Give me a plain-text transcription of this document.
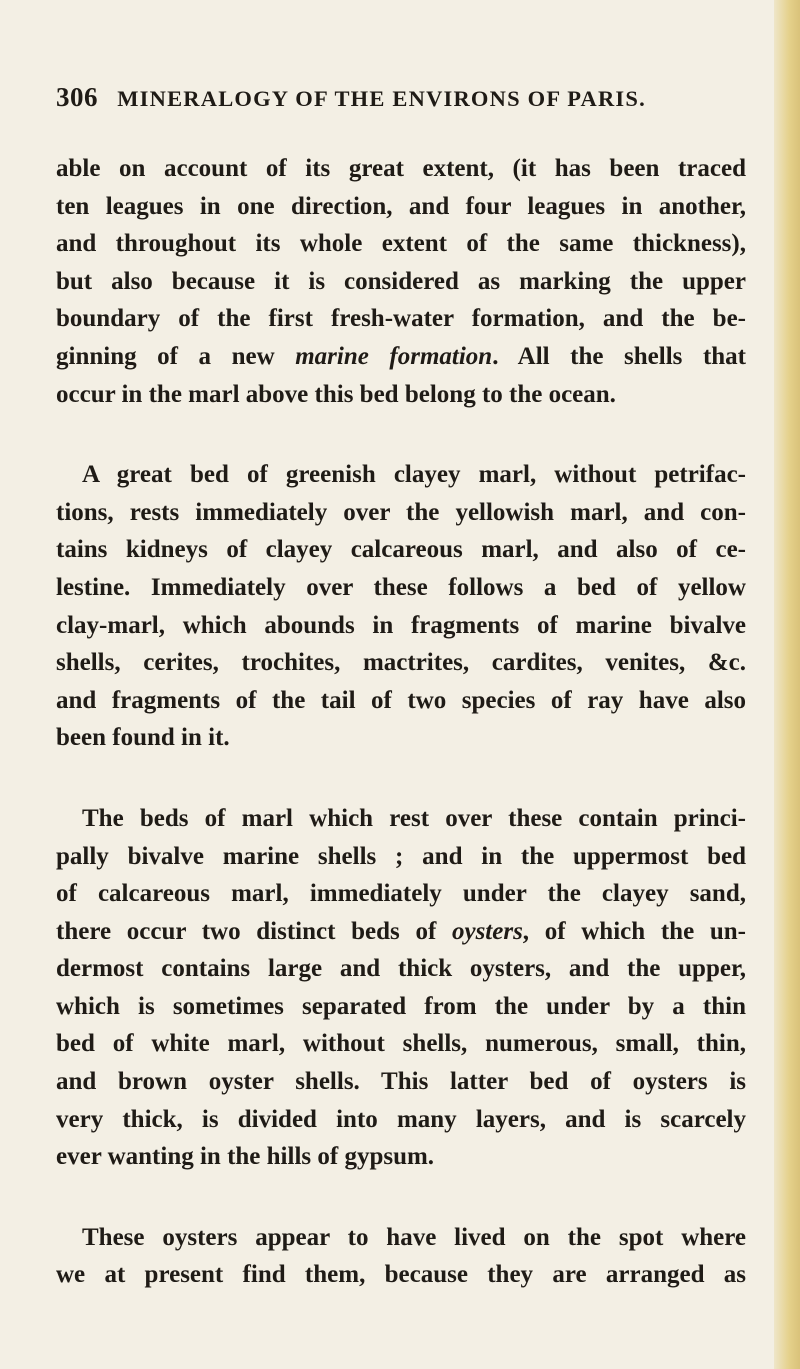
306 MINERALOGY OF THE ENVIRONS OF PARIS.

able on account of its great extent, (it has been traced
ten leagues in one direction, and four leagues in another,
and throughout its whole extent of the same thickness),
but also because it is considered as marking the upper
boundary of the first fresh-water formation, and the be-
ginning of a new marine formation. All the shells that
occur in the marl above this bed belong to the ocean.

A great bed of greenish clayey marl, without petrifac-
tions, rests immediately over the yellowish marl, and con-
tains kidneys of clayey calcareous marl, and also of ce-
lestine. Immediately over these follows a bed of yellow
clay-marl, which abounds in fragments of marine bivalve
shells, cerites, trochites, mactrites, cardites, venites, &c.
and fragments of the tail of two species of ray have also
been found in it.

The beds of marl which rest over these contain princi-
pally bivalve marine shells ; and in the uppermost bed
of calcareous marl, immediately under the clayey sand,
there occur two distinct beds of oysters, of which the un-
dermost contains large and thick oysters, and the upper,
which is sometimes separated from the under by a thin
bed of white marl, without shells, numerous, small, thin,
and brown oyster shells. This latter bed of oysters is
very thick, is divided into many layers, and is scarcely
ever wanting in the hills of gypsum.

These oysters appear to have lived on the spot where
we at present find them, because they are arranged as
